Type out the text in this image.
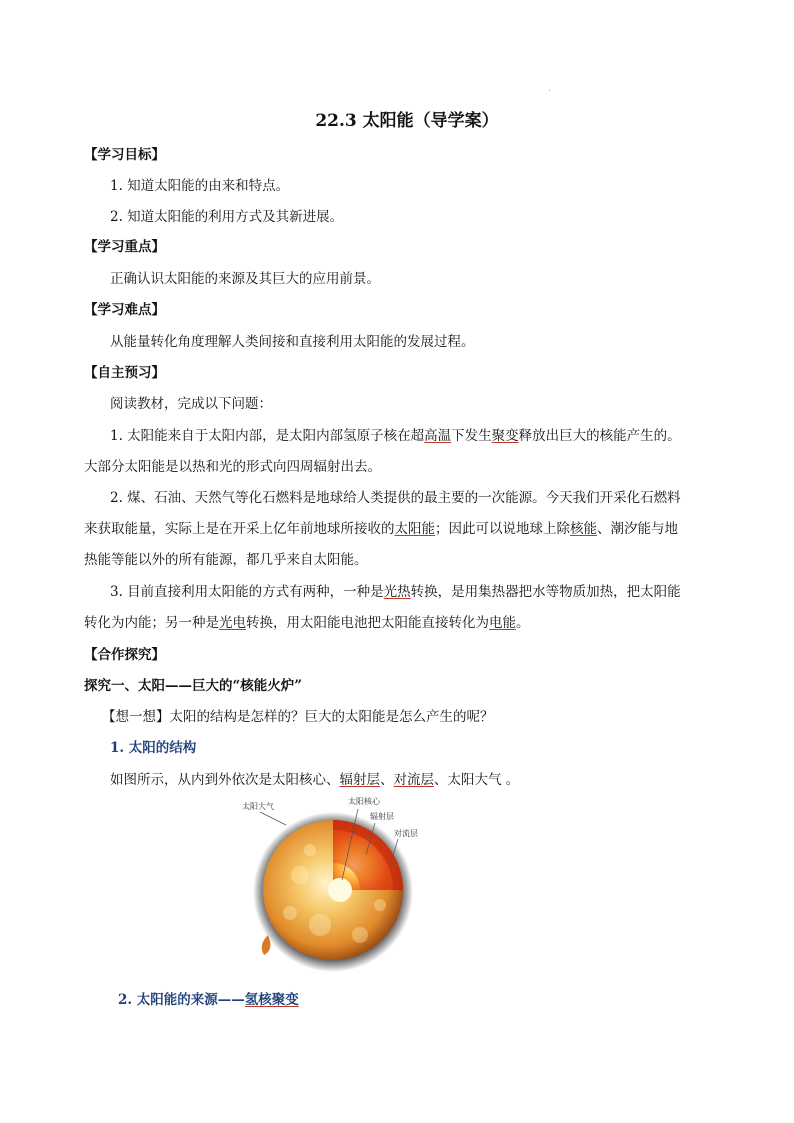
22.3 太阳能（导学案）
【学习目标】
1. 知道太阳能的由来和特点。
2. 知道太阳能的利用方式及其新进展。
【学习重点】
正确认识太阳能的来源及其巨大的应用前景。
【学习难点】
从能量转化角度理解人类间接和直接利用太阳能的发展过程。
【自主预习】
阅读教材，完成以下问题：
1. 太阳能来自于太阳内部，是太阳内部氢原子核在超高温下发生聚变释放出巨大的核能产生的。
大部分太阳能是以热和光的形式向四周辐射出去。
2. 煤、石油、天然气等化石燃料是地球给人类提供的最主要的一次能源。今天我们开采化石燃料
来获取能量，实际上是在开采上亿年前地球所接收的太阳能；因此可以说地球上除核能、潮汐能与地
热能等能以外的所有能源，都几乎来自太阳能。
3. 目前直接利用太阳能的方式有两种，一种是光热转换，是用集热器把水等物质加热，把太阳能
转化为内能；另一种是光电转换，用太阳能电池把太阳能直接转化为电能。
【合作探究】
探究一、太阳——巨大的“核能火炉”
【想一想】太阳的结构是怎样的？巨大的太阳能是怎么产生的呢？
1. 太阳的结构
如图所示，从内到外依次是太阳核心、辐射层、对流层、太阳大气 。
太阳大气
太阳核心
辐射层
对流层
2. 太阳能的来源——氢核聚变
